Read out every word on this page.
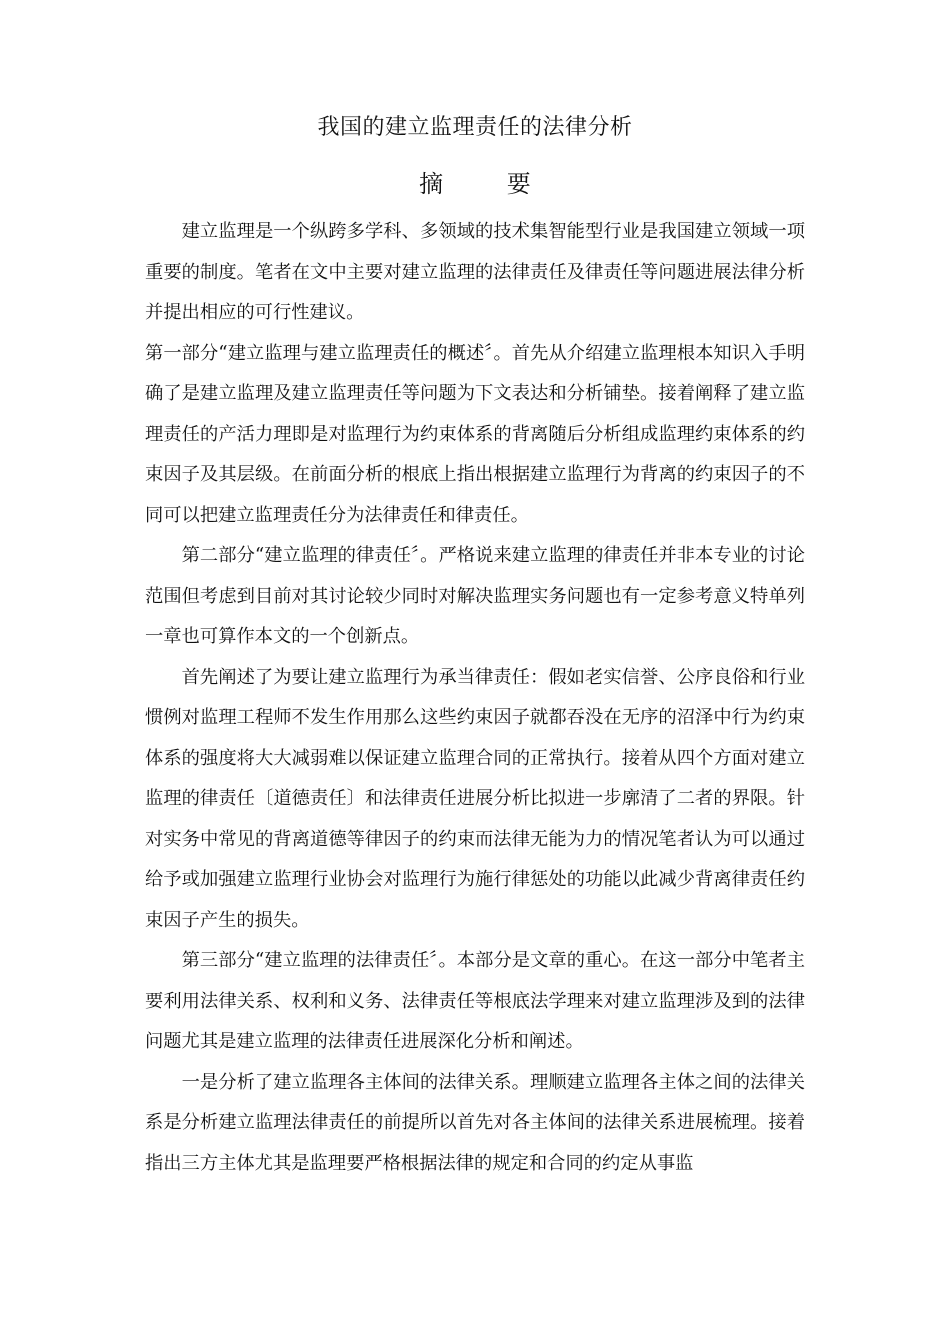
我国的建立监理责任的法律分析
摘 要

建立监理是一个纵跨多学科、多领域的技术集智能型行业是我国建立领域一项重要的制度。笔者在文中主要对建立监理的法律责任及律责任等问题进展法律分析并提出相应的可行性建议。

第一部分“建立监理与建立监理责任的概述〞。首先从介绍建立监理根本知识入手明确了是建立监理及建立监理责任等问题为下文表达和分析铺垫。接着阐释了建立监理责任的产活力理即是对监理行为约束体系的背离随后分析组成监理约束体系的约束因子及其层级。在前面分析的根底上指出根据建立监理行为背离的约束因子的不同可以把建立监理责任分为法律责任和律责任。

第二部分“建立监理的律责任〞。严格说来建立监理的律责任并非本专业的讨论范围但考虑到目前对其讨论较少同时对解决监理实务问题也有一定参考意义特单列一章也可算作本文的一个创新点。

首先阐述了为要让建立监理行为承当律责任：假如老实信誉、公序良俗和行业惯例对监理工程师不发生作用那么这些约束因子就都吞没在无序的沼泽中行为约束体系的强度将大大减弱难以保证建立监理合同的正常执行。接着从四个方面对建立监理的律责任〔道德责任〕和法律责任进展分析比拟进一步廓清了二者的界限。针对实务中常见的背离道德等律因子的约束而法律无能为力的情况笔者认为可以通过给予或加强建立监理行业协会对监理行为施行律惩处的功能以此减少背离律责任约束因子产生的损失。

第三部分“建立监理的法律责任〞。本部分是文章的重心。在这一部分中笔者主要利用法律关系、权利和义务、法律责任等根底法学理来对建立监理涉及到的法律问题尤其是建立监理的法律责任进展深化分析和阐述。

一是分析了建立监理各主体间的法律关系。理顺建立监理各主体之间的法律关系是分析建立监理法律责任的前提所以首先对各主体间的法律关系进展梳理。接着指出三方主体尤其是监理要严格根据法律的规定和合同的约定从事监
